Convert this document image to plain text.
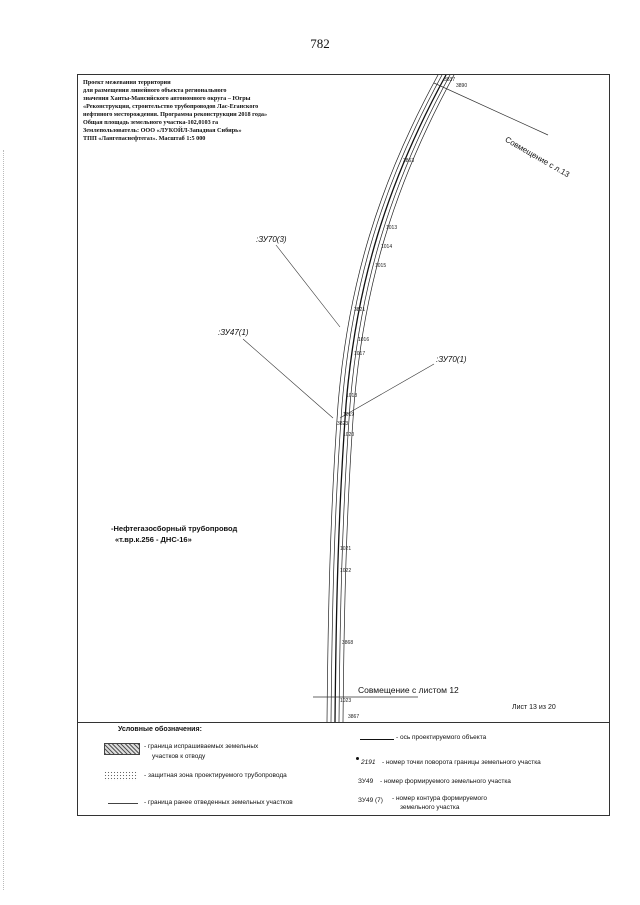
782
Проект межевания территории
для размещения линейного объекта регионального
значения Ханты-Мансийского автономного округа – Югры
«Реконструкция, строительство трубопроводов Лас-Еганского
нефтяного месторождения. Программа реконструкции 2018 года»
Общая площадь земельного участка-102,0103 га
Землепользователь: ООО «ЛУКОЙЛ-Западная Сибирь»
ТПП «Лангепаснефтегаз». Масштаб 1:5 000
:ЗУ70(3)
:ЗУ47(1)
:ЗУ70(1)
3890
3837
3863
1013
1014
1015
3821
1016
1017
1018
1019
3823
1020
1021
1022
3868
1023
3867
-Нефтегазосборный трубопровод
«т.вр.к.256 - ДНС-16»
Совмещение с л.13
Совмещение с листом 12
Лист 13 из 20
Условные обозначения:
- граница испрашиваемых земельных
участков к отводу
- защитная зона проектируемого трубопровода
- граница ранее отведенных земельных участков
- ось проектируемого объекта
2191 - номер точки поворота границы земельного участка
ЗУ49 - номер формируемого земельного участка
ЗУ49 (7) - номер контура формируемого
земельного участка
